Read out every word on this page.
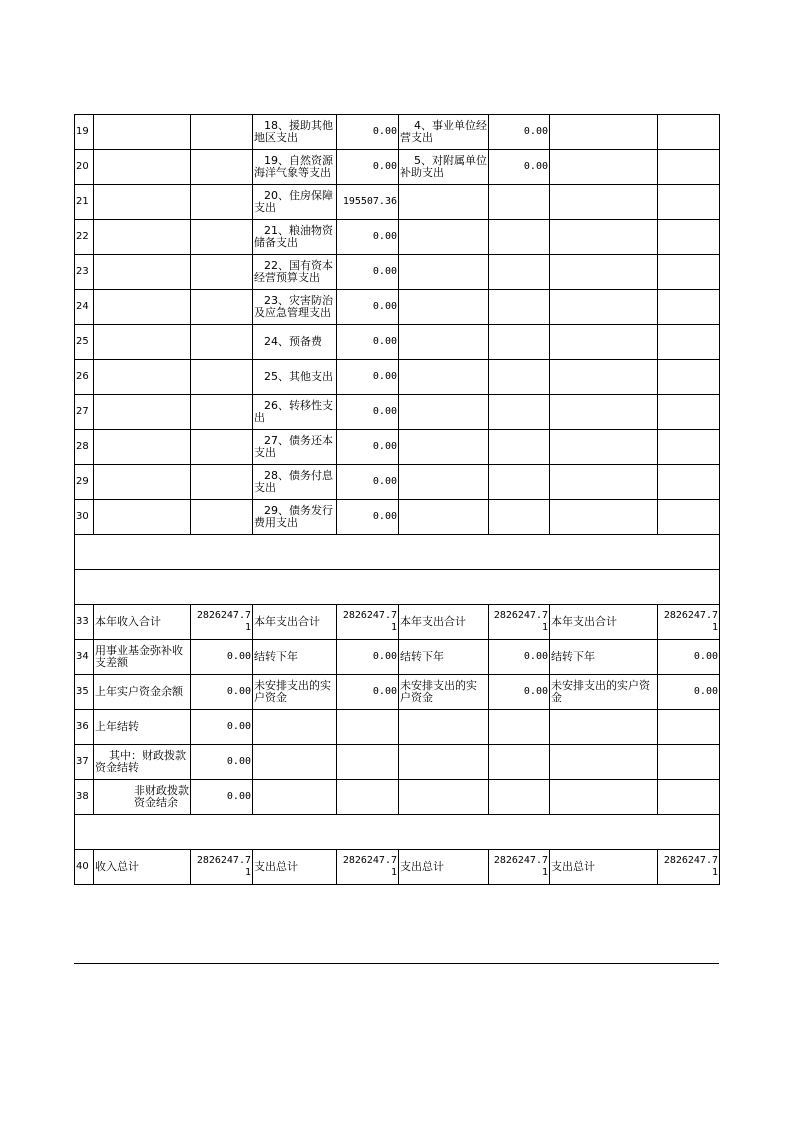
19			18、援助其他地区支出	0.00	4、事业单位经营支出	0.00		
20			19、自然资源海洋气象等支出	0.00	5、对附属单位补助支出	0.00		
21			20、住房保障支出	195507.36				
22			21、粮油物资储备支出	0.00				
23			22、国有资本经营预算支出	0.00				
24			23、灾害防治及应急管理支出	0.00				
25			24、预备费	0.00				
26			25、其他支出	0.00				
27			26、转移性支出	0.00				
28			27、债务还本支出	0.00				
29			28、债务付息支出	0.00				
30			29、债务发行费用支出	0.00				

33	本年收入合计	2826247.71	本年支出合计	2826247.71	本年支出合计	2826247.71	本年支出合计	2826247.71
34	用事业基金弥补收支差额	0.00	结转下年	0.00	结转下年	0.00	结转下年	0.00
35	上年实户资金余额	0.00	未安排支出的实户资金	0.00	未安排支出的实户资金	0.00	未安排支出的实户资金	0.00
36	上年结转	0.00						
37	其中：财政拨款资金结转	0.00						
38	非财政拨款资金结余	0.00						

40	收入总计	2826247.71	支出总计	2826247.71	支出总计	2826247.71	支出总计	2826247.71
